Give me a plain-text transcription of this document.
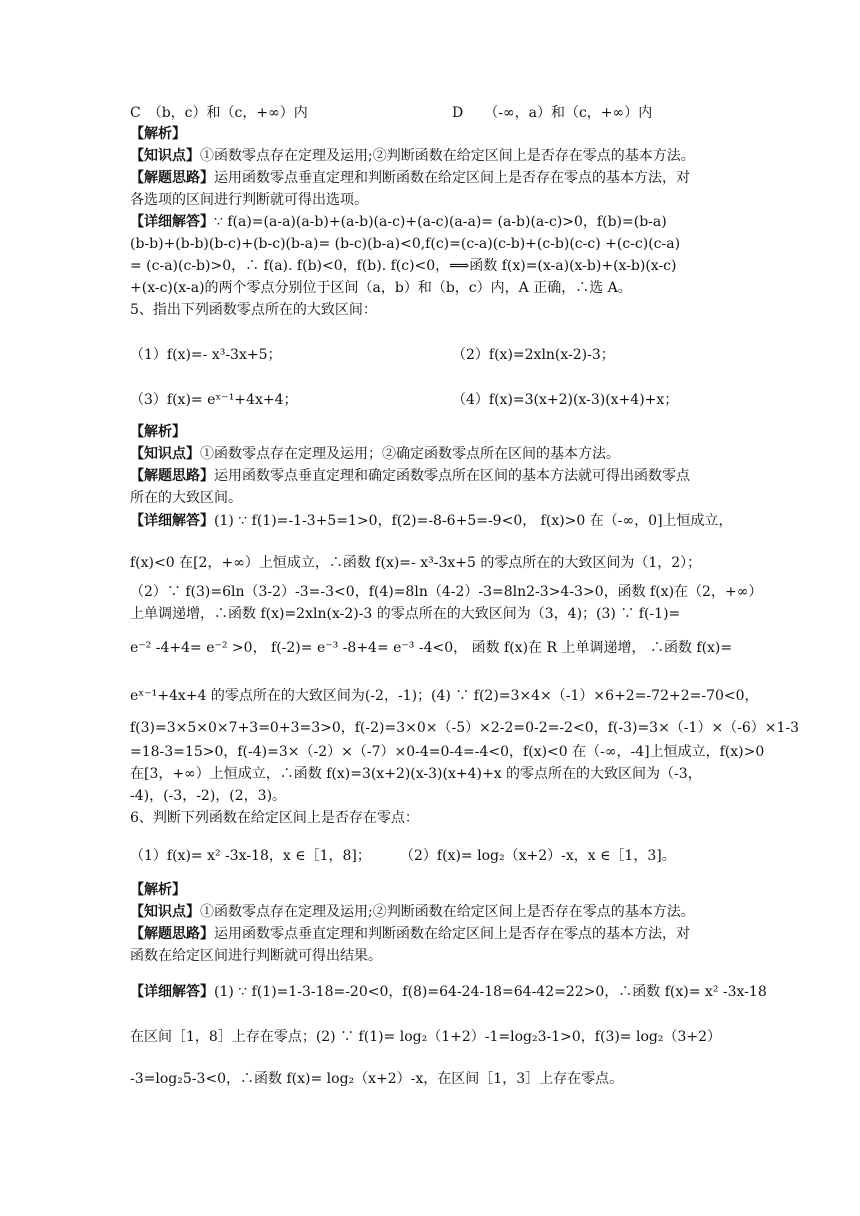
C　（b，c）和（c，+∞）内
【解析】
【知识点】①函数零点存在定理及运用;②判断函数在给定区间上是否存在零点的基本方法。
【解题思路】运用函数零点垂直定理和判断函数在给定区间上是否存在零点的基本方法，对
各选项的区间进行判断就可得出选项。
【详细解答】∵ f(a)=(a-a)(a-b)+(a-b)(a-c)+(a-c)(a-a)= (a-b)(a-c)>0，f(b)=(b-a)
(b-b)+(b-b)(b-c)+(b-c)(b-a)= (b-c)(b-a)<0,f(c)=(c-a)(c-b)+(c-b)(c-c) +(c-c)(c-a)
= (c-a)(c-b)>0，∴ f(a). f(b)<0，f(b). f(c)<0，⟹函数 f(x)=(x-a)(x-b)+(x-b)(x-c)
+(x-c)(x-a)的两个零点分别位于区间（a，b）和（b，c）内，A 正确，∴选 A。
5、指出下列函数零点所在的大致区间：
（1）f(x)=- x³-3x+5；
（3）f(x)= eˣ⁻¹+4x+4；
【解析】
【知识点】①函数零点存在定理及运用；②确定函数零点所在区间的基本方法。
【解题思路】运用函数零点垂直定理和确定函数零点所在区间的基本方法就可得出函数零点
所在的大致区间。
【详细解答】(1) ∵ f(1)=-1-3+5=1>0，f(2)=-8-6+5=-9<0， f(x)>0 在（-∞，0]上恒成立，
f(x)<0 在[2，+∞）上恒成立，∴函数 f(x)=- x³-3x+5 的零点所在的大致区间为（1，2）；
（2）∵ f(3)=6ln（3-2）-3=-3<0，f(4)=8ln（4-2）-3=8ln2-3>4-3>0，函数 f(x)在（2，+∞）
上单调递增，∴函数 f(x)=2xln(x-2)-3 的零点所在的大致区间为（3，4)；(3) ∵ f(-1)=
e⁻² -4+4= e⁻² >0， f(-2)= e⁻³ -8+4= e⁻³ -4<0， 函数 f(x)在 R 上单调递增， ∴函数 f(x)=
eˣ⁻¹+4x+4 的零点所在的大致区间为(-2，-1)；(4) ∵ f(2)=3×4×（-1）×6+2=-72+2=-70<0，
f(3)=3×5×0×7+3=0+3=3>0，f(-2)=3×0×（-5）×2-2=0-2=-2<0，f(-3)=3×（-1）×（-6）×1-3
=18-3=15>0，f(-4)=3×（-2）×（-7）×0-4=0-4=-4<0，f(x)<0 在（-∞，-4]上恒成立，f(x)>0
在[3，+∞）上恒成立，∴函数 f(x)=3(x+2)(x-3)(x+4)+x 的零点所在的大致区间为（-3，
-4)，(-3，-2)，(2，3)。
6、判断下列函数在给定区间上是否存在零点：
（1）f(x)= x² -3x-18，x ∈［1，8]；
【解析】
【知识点】①函数零点存在定理及运用;②判断函数在给定区间上是否存在零点的基本方法。
【解题思路】运用函数零点垂直定理和判断函数在给定区间上是否存在零点的基本方法，对
函数在给定区间进行判断就可得出结果。
【详细解答】(1) ∵ f(1)=1-3-18=-20<0，f(8)=64-24-18=64-42=22>0，∴函数 f(x)= x² -3x-18
在区间［1，8］上存在零点；(2) ∵ f(1)= log₂（1+2）-1=log₂3-1>0，f(3)= log₂（3+2）
-3=log₂5-3<0，∴函数 f(x)= log₂（x+2）-x，在区间［1，3］上存在零点。
D　　（-∞，a）和（c，+∞）内
（2）f(x)=2xln(x-2)-3；
（4）f(x)=3(x+2)(x-3)(x+4)+x；
（2）f(x)= log₂（x+2）-x，x ∈［1，3]。
